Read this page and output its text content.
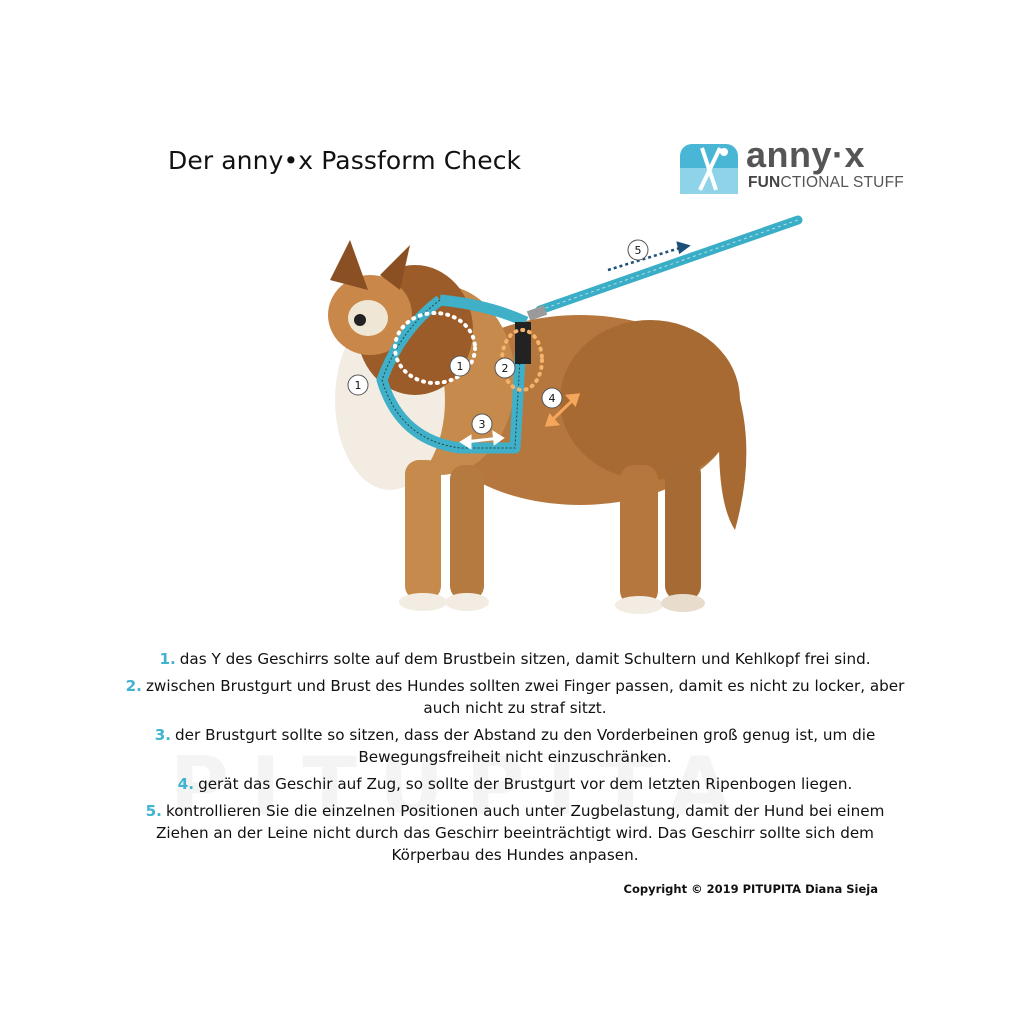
Der anny•x Passform Check	anny·x
FUNCTIONAL STUFF
1
1	2
3
4
5
1. das Y des Geschirrs solte auf dem Brustbein sitzen, damit Schultern und Kehlkopf frei sind.
2. zwischen Brustgurt und Brust des Hundes sollten zwei Finger passen, damit es nicht zu locker, aber auch nicht zu straf sitzt.
3. der Brustgurt sollte so sitzen, dass der Abstand zu den Vorderbeinen groß genug ist, um die Bewegungsfreiheit nicht einzuschränken.
4. gerät das Geschir auf Zug, so sollte der Brustgurt vor dem letzten Ripenbogen liegen.
5. kontrollieren Sie die einzelnen Positionen auch unter Zugbelastung, damit der Hund bei einem Ziehen an der Leine nicht durch das Geschirr beeinträchtigt wird. Das Geschirr sollte sich dem Körperbau des Hundes anpasen.
Copyright © 2019 PITUPITA Diana Sieja
